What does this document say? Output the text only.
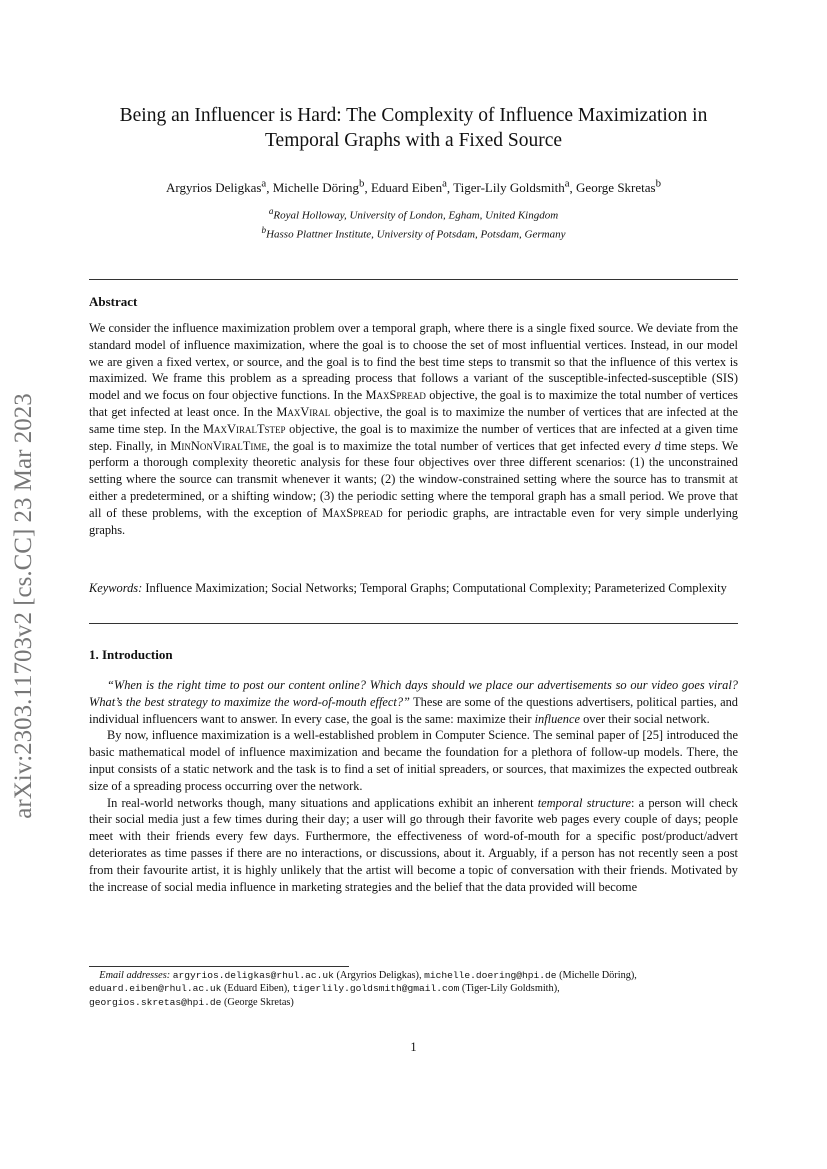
arXiv:2303.11703v2 [cs.CC] 23 Mar 2023
Being an Influencer is Hard: The Complexity of Influence Maximization in
Temporal Graphs with a Fixed Source
Argyrios Deligkas$^a$, Michelle Döring$^b$, Eduard Eiben$^a$, Tiger-Lily Goldsmith$^a$, George Skretas$^b$
$^a$Royal Holloway, University of London, Egham, United Kingdom
$^b$Hasso Plattner Institute, University of Potsdam, Potsdam, Germany
Abstract
We consider the influence maximization problem over a temporal graph, where there is a single fixed source. We deviate from the standard model of influence maximization, where the goal is to choose the set of most influential vertices. Instead, in our model we are given a fixed vertex, or source, and the goal is to find the best time steps to transmit so that the influence of this vertex is maximized. We frame this problem as a spreading process that follows a variant of the susceptible-infected-susceptible (SIS) model and we focus on four objective functions. In the MaxSpread objective, the goal is to maximize the total number of vertices that get infected at least once. In the MaxViral objective, the goal is to maximize the number of vertices that are infected at the same time step. In the MaxViralTstep objective, the goal is to maximize the number of vertices that are infected at a given time step. Finally, in MinNonViralTime, the goal is to maximize the total number of vertices that get infected every d time steps. We perform a thorough complexity theoretic analysis for these four objectives over three different scenarios: (1) the unconstrained setting where the source can transmit whenever it wants; (2) the window-constrained setting where the source has to transmit at either a predetermined, or a shifting window; (3) the periodic setting where the temporal graph has a small period. We prove that all of these problems, with the exception of MaxSpread for periodic graphs, are intractable even for very simple underlying graphs.
Keywords: Influence Maximization; Social Networks; Temporal Graphs; Computational Complexity; Parameterized Complexity
1. Introduction

“When is the right time to post our content online? Which days should we place our advertisements so our video goes viral? What’s the best strategy to maximize the word-of-mouth effect?” These are some of the questions advertisers, political parties, and individual influencers want to answer. In every case, the goal is the same: maximize their influence over their social network.

By now, influence maximization is a well-established problem in Computer Science. The seminal paper of [25] introduced the basic mathematical model of influence maximization and became the foundation for a plethora of follow-up models. There, the input consists of a static network and the task is to find a set of initial spreaders, or sources, that maximizes the expected outbreak size of a spreading process occurring over the network.

In real-world networks though, many situations and applications exhibit an inherent temporal structure: a person will check their social media just a few times during their day; a user will go through their favorite web pages every couple of days; people meet with their friends every few days. Furthermore, the effectiveness of word-of-mouth for a specific post/product/advert deteriorates as time passes if there are no interactions, or discussions, about it. Arguably, if a person has not recently seen a post from their favourite artist, it is highly unlikely that the artist will become a topic of conversation with their friends. Motivated by the increase of social media influence in marketing strategies and the belief that the data provided will become

Email addresses: argyrios.deligkas@rhul.ac.uk (Argyrios Deligkas), michelle.doering@hpi.de (Michelle Döring),
eduard.eiben@rhul.ac.uk (Eduard Eiben), tigerlily.goldsmith@gmail.com (Tiger-Lily Goldsmith),
georgios.skretas@hpi.de (George Skretas)

1
